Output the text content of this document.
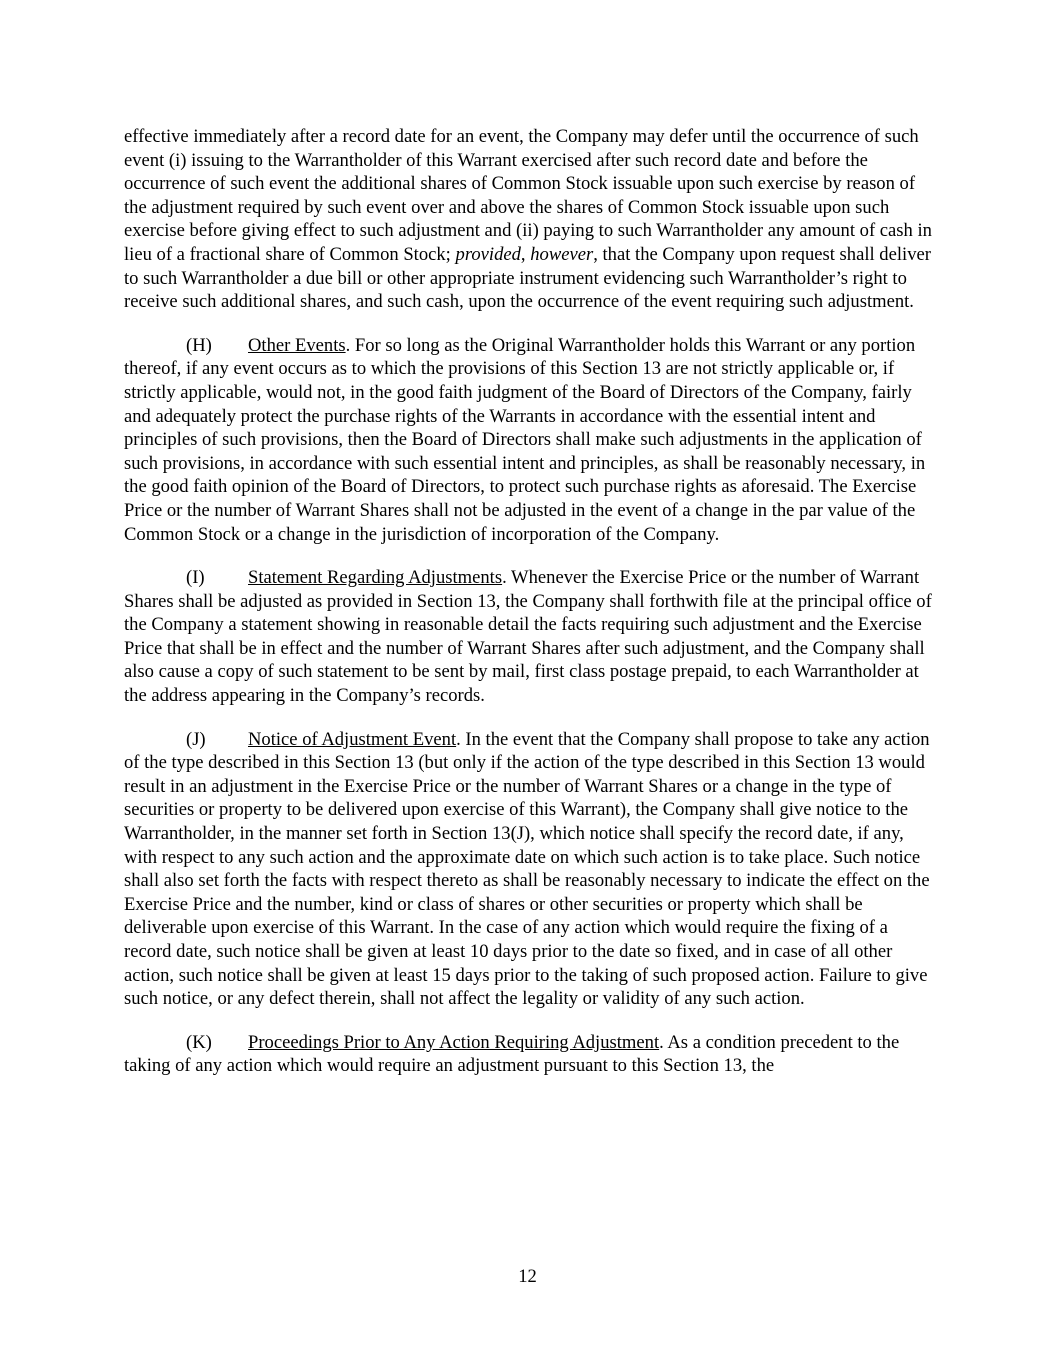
effective immediately after a record date for an event, the Company may defer until the occurrence of such event (i) issuing to the Warrantholder of this Warrant exercised after such record date and before the occurrence of such event the additional shares of Common Stock issuable upon such exercise by reason of the adjustment required by such event over and above the shares of Common Stock issuable upon such exercise before giving effect to such adjustment and (ii) paying to such Warrantholder any amount of cash in lieu of a fractional share of Common Stock; provided, however, that the Company upon request shall deliver to such Warrantholder a due bill or other appropriate instrument evidencing such Warrantholder’s right to receive such additional shares, and such cash, upon the occurrence of the event requiring such adjustment.

(H) Other Events. For so long as the Original Warrantholder holds this Warrant or any portion thereof, if any event occurs as to which the provisions of this Section 13 are not strictly applicable or, if strictly applicable, would not, in the good faith judgment of the Board of Directors of the Company, fairly and adequately protect the purchase rights of the Warrants in accordance with the essential intent and principles of such provisions, then the Board of Directors shall make such adjustments in the application of such provisions, in accordance with such essential intent and principles, as shall be reasonably necessary, in the good faith opinion of the Board of Directors, to protect such purchase rights as aforesaid. The Exercise Price or the number of Warrant Shares shall not be adjusted in the event of a change in the par value of the Common Stock or a change in the jurisdiction of incorporation of the Company.

(I) Statement Regarding Adjustments. Whenever the Exercise Price or the number of Warrant Shares shall be adjusted as provided in Section 13, the Company shall forthwith file at the principal office of the Company a statement showing in reasonable detail the facts requiring such adjustment and the Exercise Price that shall be in effect and the number of Warrant Shares after such adjustment, and the Company shall also cause a copy of such statement to be sent by mail, first class postage prepaid, to each Warrantholder at the address appearing in the Company’s records.

(J) Notice of Adjustment Event. In the event that the Company shall propose to take any action of the type described in this Section 13 (but only if the action of the type described in this Section 13 would result in an adjustment in the Exercise Price or the number of Warrant Shares or a change in the type of securities or property to be delivered upon exercise of this Warrant), the Company shall give notice to the Warrantholder, in the manner set forth in Section 13(J), which notice shall specify the record date, if any, with respect to any such action and the approximate date on which such action is to take place. Such notice shall also set forth the facts with respect thereto as shall be reasonably necessary to indicate the effect on the Exercise Price and the number, kind or class of shares or other securities or property which shall be deliverable upon exercise of this Warrant. In the case of any action which would require the fixing of a record date, such notice shall be given at least 10 days prior to the date so fixed, and in case of all other action, such notice shall be given at least 15 days prior to the taking of such proposed action. Failure to give such notice, or any defect therein, shall not affect the legality or validity of any such action.

(K) Proceedings Prior to Any Action Requiring Adjustment. As a condition precedent to the taking of any action which would require an adjustment pursuant to this Section 13, the

12
